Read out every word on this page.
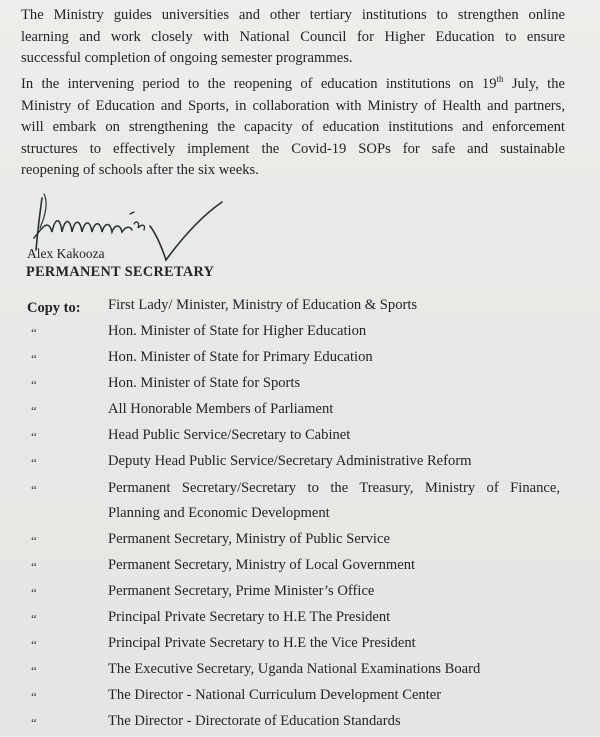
The Ministry guides universities and other tertiary institutions to strengthen online
learning and work closely with National Council for Higher Education to ensure
successful completion of ongoing semester programmes.
In the intervening period to the reopening of education institutions on 19th July, the
Ministry of Education and Sports, in collaboration with Ministry of Health and partners,
will embark on strengthening the capacity of education institutions and enforcement
structures to effectively implement the Covid-19 SOPs for safe and sustainable
reopening of schools after the six weeks.

Alex Kakooza

PERMANENT SECRETARY

Copy to: First Lady/ Minister, Ministry of Education & Sports
“	Hon. Minister of State for Higher Education
“	Hon. Minister of State for Primary Education
“	Hon. Minister of State for Sports
“	All Honorable Members of Parliament
“	Head Public Service/Secretary to Cabinet
“	Deputy Head Public Service/Secretary Administrative Reform
“	Permanent Secretary/Secretary to the Treasury, Ministry of Finance,
Planning and Economic Development
“	Permanent Secretary, Ministry of Public Service
“	Permanent Secretary, Ministry of Local Government
“	Permanent Secretary, Prime Minister’s Office
“	Principal Private Secretary to H.E The President
“	Principal Private Secretary to H.E the Vice President
“	The Executive Secretary, Uganda National Examinations Board
“	The Director - National Curriculum Development Center
“	The Director - Directorate of Education Standards
